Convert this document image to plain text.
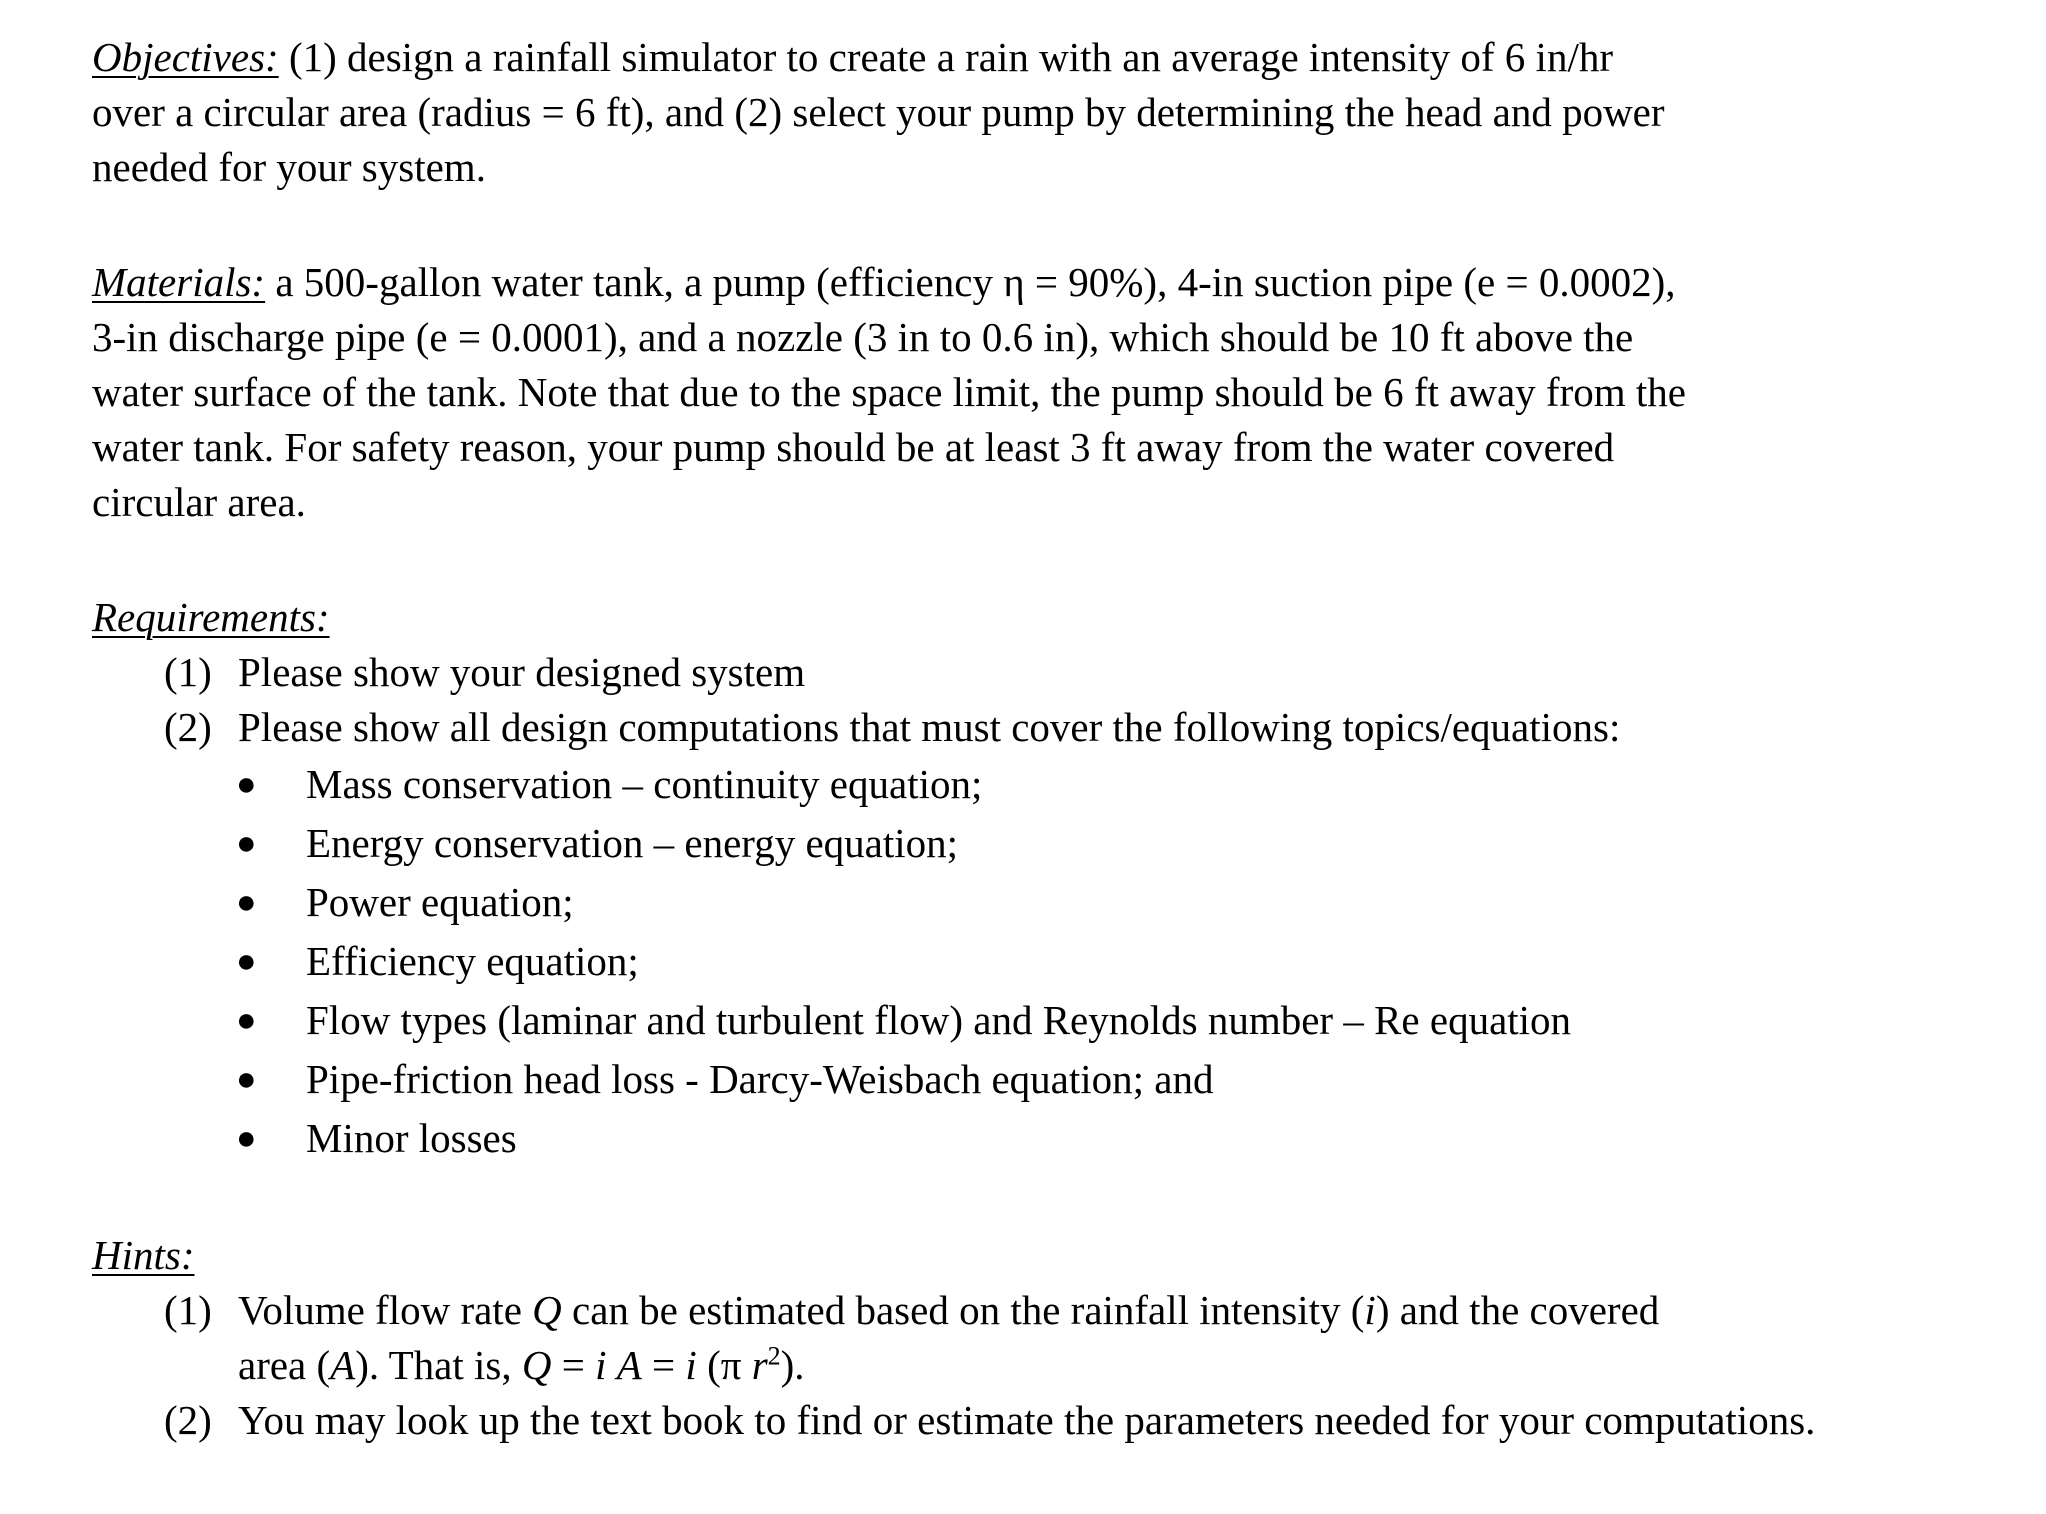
Objectives: (1) design a rainfall simulator to create a rain with an average intensity of 6 in/hr
over a circular area (radius = 6 ft), and (2) select your pump by determining the head and power
needed for your system.
Materials: a 500-gallon water tank, a pump (efficiency η = 90%), 4-in suction pipe (e = 0.0002),
3-in discharge pipe (e = 0.0001), and a nozzle (3 in to 0.6 in), which should be 10 ft above the
water surface of the tank. Note that due to the space limit, the pump should be 6 ft away from the
water tank. For safety reason, your pump should be at least 3 ft away from the water covered
circular area.
Requirements:
(1) Please show your designed system
(2) Please show all design computations that must cover the following topics/equations:
●	Mass conservation – continuity equation;
●	Energy conservation – energy equation;
●	Power equation;
●	Efficiency equation;
●	Flow types (laminar and turbulent flow) and Reynolds number – Re equation
●	Pipe-friction head loss - Darcy-Weisbach equation; and
●	Minor losses
Hints:
(1) Volume flow rate Q can be estimated based on the rainfall intensity (i) and the covered
area (A). That is, Q = i A = i (π $r^2$).
(2) You may look up the text book to find or estimate the parameters needed for your computations.
